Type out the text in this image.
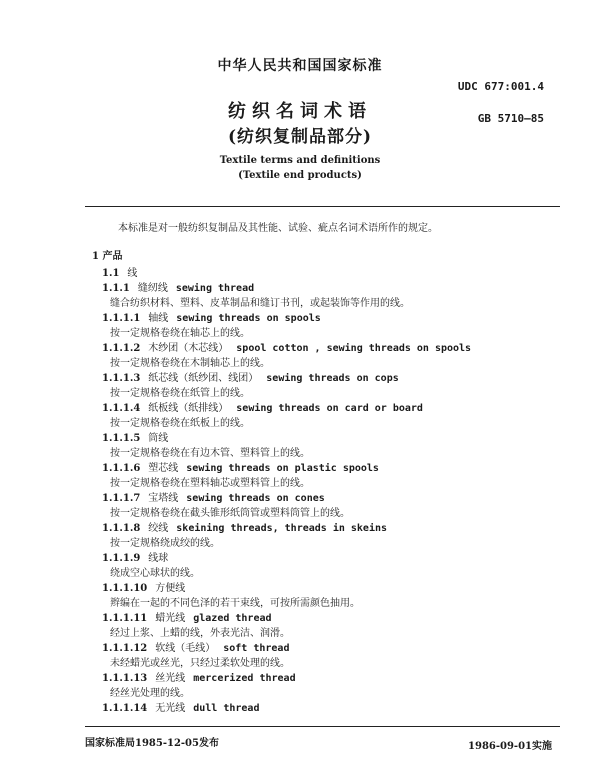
中华人民共和国国家标准
UDC 677:001.4
纺织名词术语	GB 5710—85
(纺织复制品部分)
Textile terms and definitions
(Textile end products)
本标准是对一般纺织复制品及其性能、试验、疵点名词术语所作的规定。
1 产品
1.1 线
1.1.1 缝纫线 sewing thread
缝合纺织材料、塑料、皮革制品和缝订书刊，或起装饰等作用的线。
1.1.1.1 轴线 sewing threads on spools
按一定规格卷绕在轴芯上的线。
1.1.1.2 木纱团（木芯线） spool cotton , sewing threads on spools
按一定规格卷绕在木制轴芯上的线。
1.1.1.3 纸芯线（纸纱团、线团） sewing threads on cops
按一定规格卷绕在纸管上的线。
1.1.1.4 纸板线（纸排线） sewing threads on card or board
按一定规格卷绕在纸板上的线。
1.1.1.5 筒线
按一定规格卷绕在有边木管、塑料管上的线。
1.1.1.6 塑芯线 sewing threads on plastic spools
按一定规格卷绕在塑料轴芯或塑料管上的线。
1.1.1.7 宝塔线 sewing threads on cones
按一定规格卷绕在截头锥形纸筒管或塑料筒管上的线。
1.1.1.8 绞线 skeining threads, threads in skeins
按一定规格绕成绞的线。
1.1.1.9 线球
绕成空心球状的线。
1.1.1.10 方便线
辫编在一起的不同色泽的若干束线，可按所需颜色抽用。
1.1.1.11 蜡光线 glazed thread
经过上浆、上蜡的线，外表光洁、润滑。
1.1.1.12 软线（毛线） soft thread
未经蜡光或丝光，只经过柔软处理的线。
1.1.1.13 丝光线 mercerized thread
经丝光处理的线。
1.1.1.14 无光线 dull thread
国家标准局1985-12-05发布	1986-09-01实施
